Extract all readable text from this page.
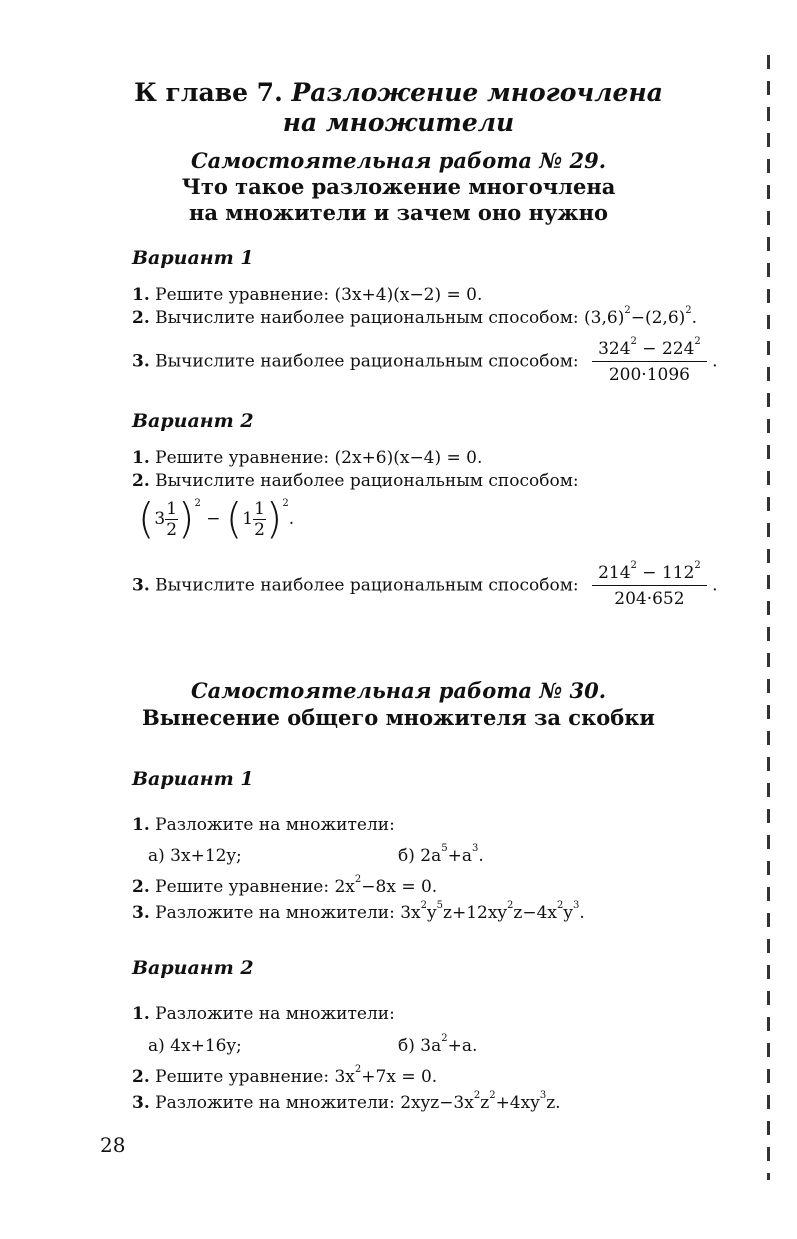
К главе 7. Разложение многочлена
на множители
Самостоятельная работа № 29.
Что такое разложение многочлена
на множители и зачем оно нужно
Вариант 1
1. Решите уравнение: (3x+4)(x−2) = 0.
2. Вычислите наиболее рациональным способом: $(3,6)^2-(2,6)^2$.
3. Вычислите наиболее рациональным способом: $\frac{324^2 - 224^2}{200\cdot 1096}$ .
Вариант 2
1. Решите уравнение: (2x+6)(x−4) = 0.
2. Вычислите наиболее рациональным способом:
$(3 \frac{1}{2} )^2 - (1 \frac{1}{2} )^2$.
3. Вычислите наиболее рациональным способом: $\frac{214^2 - 112^2}{204\cdot 652}$ .
Самостоятельная работа № 30.
Вынесение общего множителя за скобки
Вариант 1
1. Разложите на множители:
а) 3x+12y;	б) $2a^5+a^3$.
2. Решите уравнение: $2x^2-8x = 0$.
3. Разложите на множители: $3x^2y^5z+12xy^2z-4x^2y^3$.
Вариант 2
1. Разложите на множители:
а) 4x+16y;	б) $3a^2+a$.
2. Решите уравнение: $3x^2+7x = 0$.
3. Разложите на множители: $2xyz-3x^2z^2+4xy^3z$.
28
